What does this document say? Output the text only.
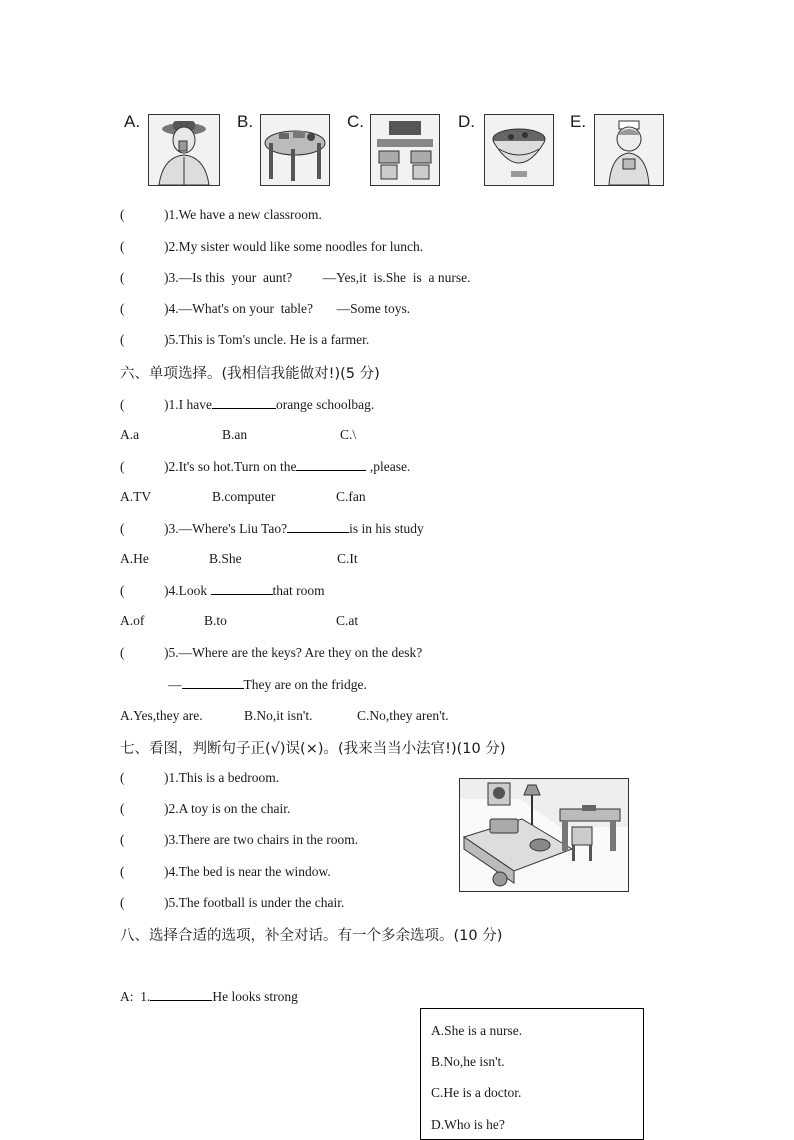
A.	B.	C.	D.	E.
(	)1.We have a new classroom.
(	)2.My sister would like some noodles for lunch.
(	)3.—Is this  your  aunt?         —Yes,it  is.She  is  a nurse.
(	)4.—What's on your  table?       —Some toys.
(	)5.This is Tom's uncle. He is a farmer.
六、单项选择。(我相信我能做对!)(5 分)
(	)1.I have	orange schoolbag.
A.a	B.an	C.\
(	)2.It's so hot.Turn on the	,please.
A.TV	B.computer	C.fan
(	)3.—Where's Liu Tao?	is in his study
A.He	B.She	C.It
(	)4.Look	that room
A.of	B.to	C.at
(	)5.—Where are the keys? Are they on the desk?
—	They are on the fridge.
A.Yes,they are.	B.No,it isn't.	C.No,they aren't.
七、看图，判断句子正(√)误(×)。(我来当当小法官!)(10 分)
(	)1.This is a bedroom.
(	)2.A toy is on the chair.
(	)3.There are two chairs in the room.
(	)4.The bed is near the window.
(	)5.The football is under the chair.
八、选择合适的选项，补全对话。有一个多余选项。(10 分)
A:  1.	He looks strong
A.She is a nurse.
B.No,he isn't.
C.He is a doctor.
D.Who is he?
